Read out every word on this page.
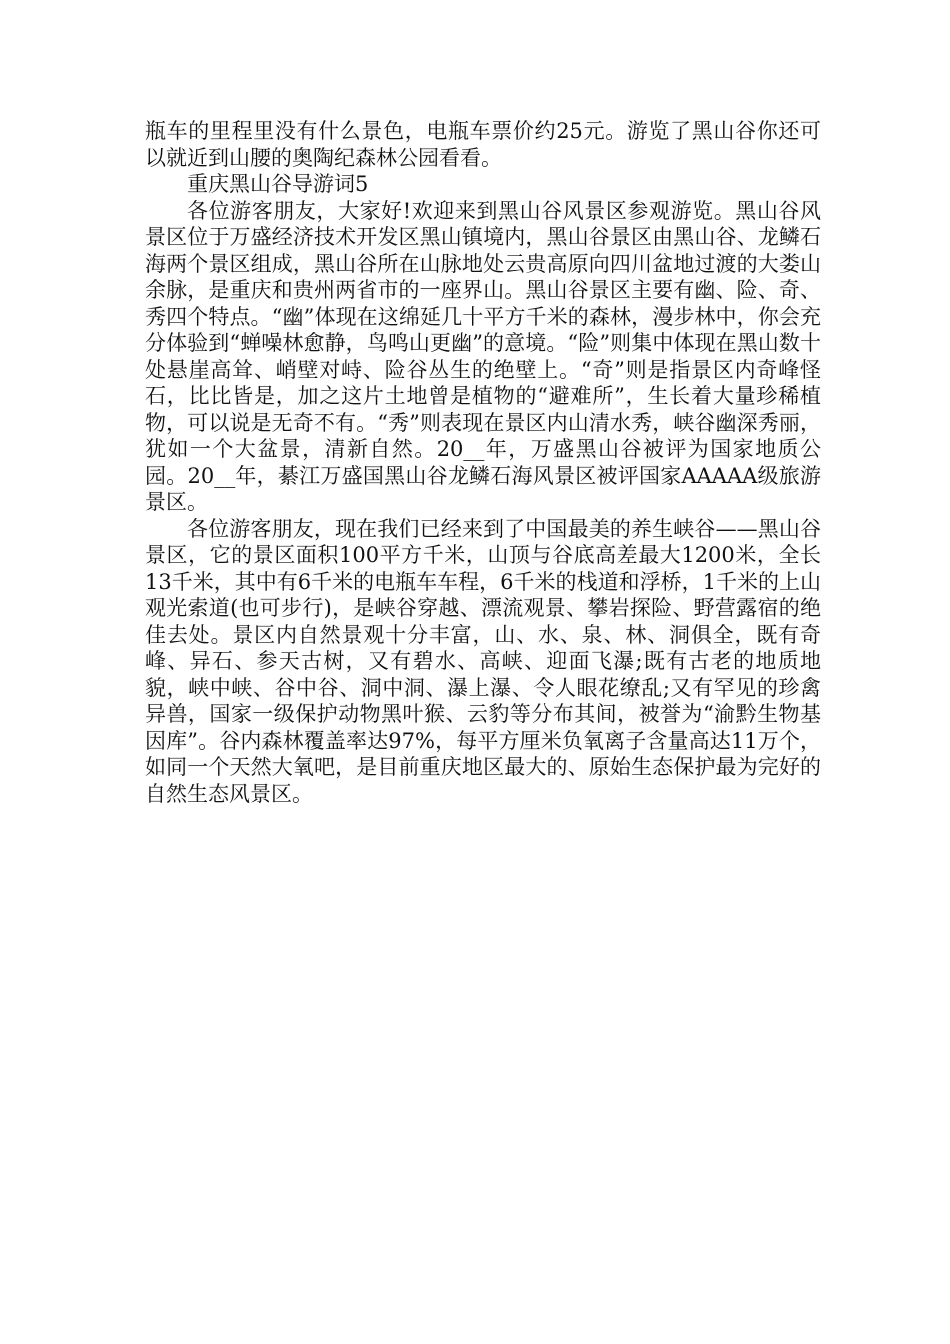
瓶车的里程里没有什么景色，电瓶车票价约25元。游览了黑山谷你还可以就近到山腰的奥陶纪森林公园看看。

重庆黑山谷导游词5

各位游客朋友，大家好!欢迎来到黑山谷风景区参观游览。黑山谷风景区位于万盛经济技术开发区黑山镇境内，黑山谷景区由黑山谷、龙鳞石海两个景区组成，黑山谷所在山脉地处云贵高原向四川盆地过渡的大娄山余脉，是重庆和贵州两省市的一座界山。黑山谷景区主要有幽、险、奇、秀四个特点。“幽”体现在这绵延几十平方千米的森林，漫步林中，你会充分体验到“蝉噪林愈静，鸟鸣山更幽”的意境。“险”则集中体现在黑山数十处悬崖高耸、峭壁对峙、险谷丛生的绝壁上。“奇”则是指景区内奇峰怪石，比比皆是，加之这片土地曾是植物的“避难所”，生长着大量珍稀植物，可以说是无奇不有。“秀”则表现在景区内山清水秀，峡谷幽深秀丽，犹如一个大盆景，清新自然。20__年，万盛黑山谷被评为国家地质公园。20__年，綦江万盛国黑山谷龙鳞石海风景区被评国家AAAAA级旅游景区。

各位游客朋友，现在我们已经来到了中国最美的养生峡谷——黑山谷景区，它的景区面积100平方千米，山顶与谷底高差最大1200米，全长13千米，其中有6千米的电瓶车车程，6千米的栈道和浮桥，1千米的上山观光索道(也可步行)，是峡谷穿越、漂流观景、攀岩探险、野营露宿的绝佳去处。景区内自然景观十分丰富，山、水、泉、林、洞俱全，既有奇峰、异石、参天古树，又有碧水、高峡、迎面飞瀑;既有古老的地质地貌，峡中峡、谷中谷、洞中洞、瀑上瀑、令人眼花缭乱;又有罕见的珍禽异兽，国家一级保护动物黑叶猴、云豹等分布其间，被誉为“渝黔生物基因库”。谷内森林覆盖率达97%，每平方厘米负氧离子含量高达11万个，如同一个天然大氧吧，是目前重庆地区最大的、原始生态保护最为完好的自然生态风景区。
